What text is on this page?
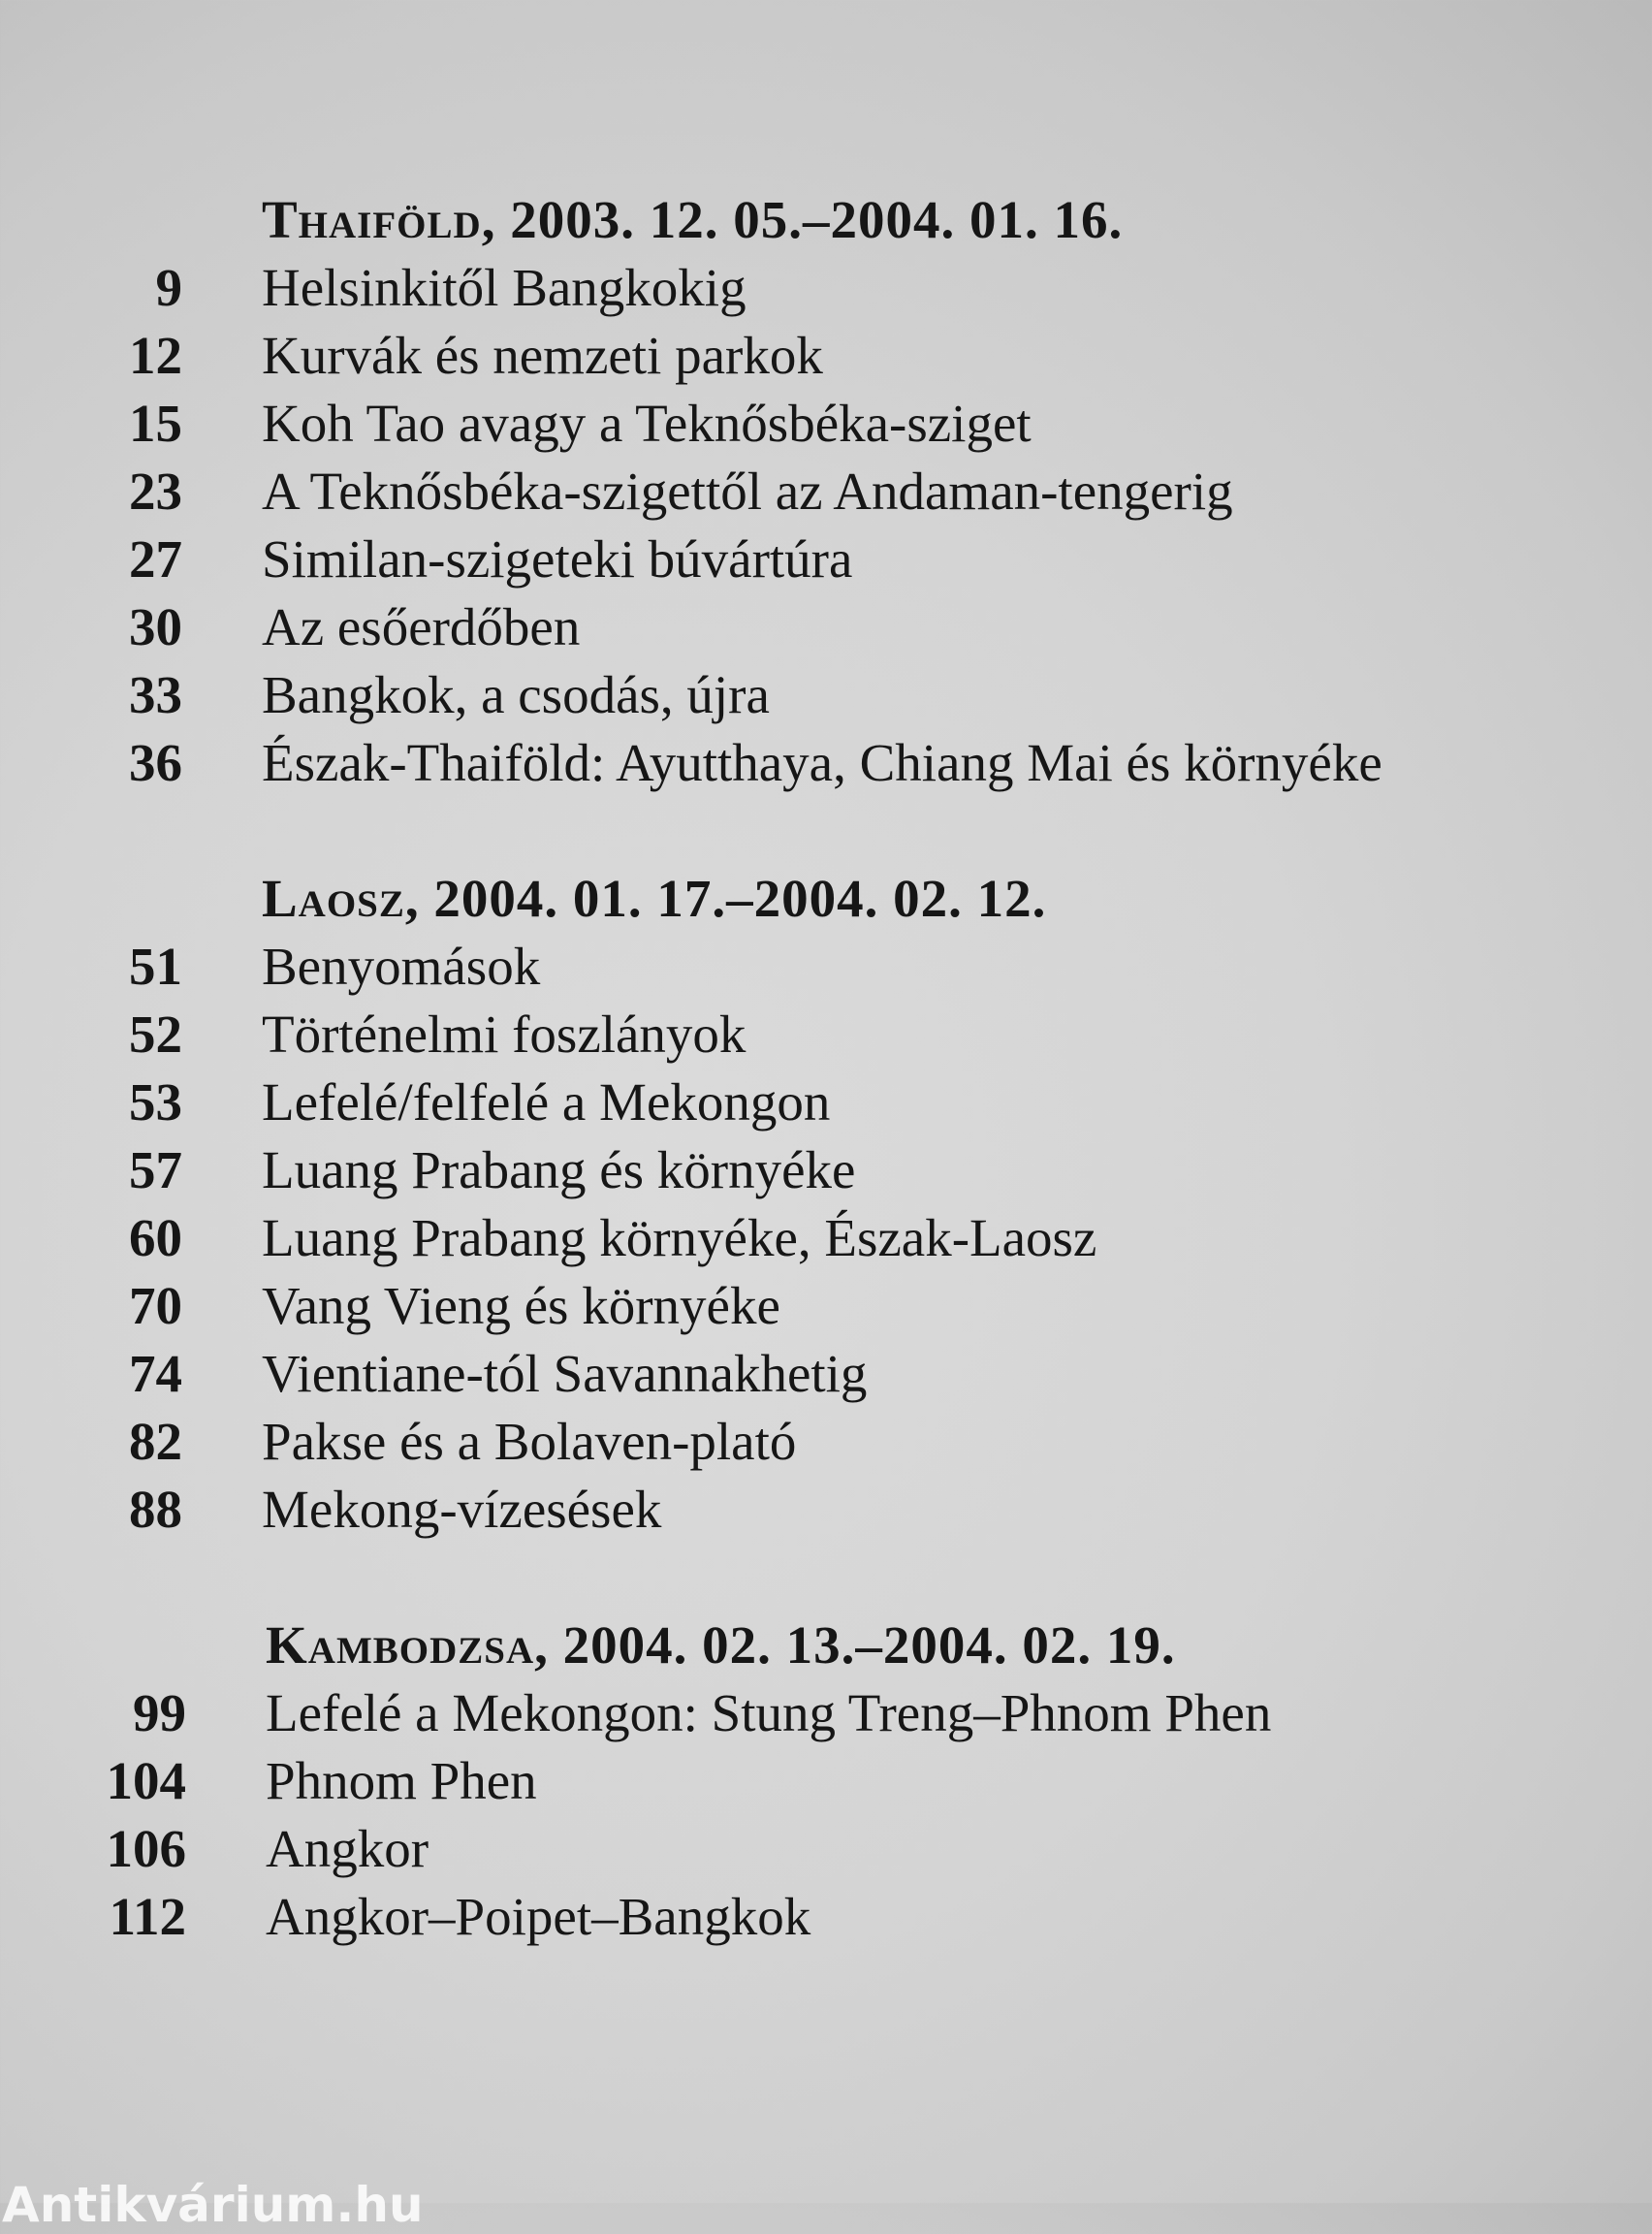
Thaiföld, 2003. 12. 05.–2004. 01. 16.
9 Helsinkitől Bangkokig
12 Kurvák és nemzeti parkok
15 Koh Tao avagy a Teknősbéka-sziget
23 A Teknősbéka-szigettől az Andaman-tengerig
27 Similan-szigeteki búvártúra
30 Az esőerdőben
33 Bangkok, a csodás, újra
36 Észak-Thaiföld: Ayutthaya, Chiang Mai és környéke
Laosz, 2004. 01. 17.–2004. 02. 12.
51 Benyomások
52 Történelmi foszlányok
53 Lefelé/felfelé a Mekongon
57 Luang Prabang és környéke
60 Luang Prabang környéke, Észak-Laosz
70 Vang Vieng és környéke
74 Vientiane-tól Savannakhetig
82 Pakse és a Bolaven-plató
88 Mekong-vízesések
Kambodzsa, 2004. 02. 13.–2004. 02. 19.
99 Lefelé a Mekongon: Stung Treng–Phnom Phen
104 Phnom Phen
106 Angkor
112 Angkor–Poipet–Bangkok
Antikvárium.hu
